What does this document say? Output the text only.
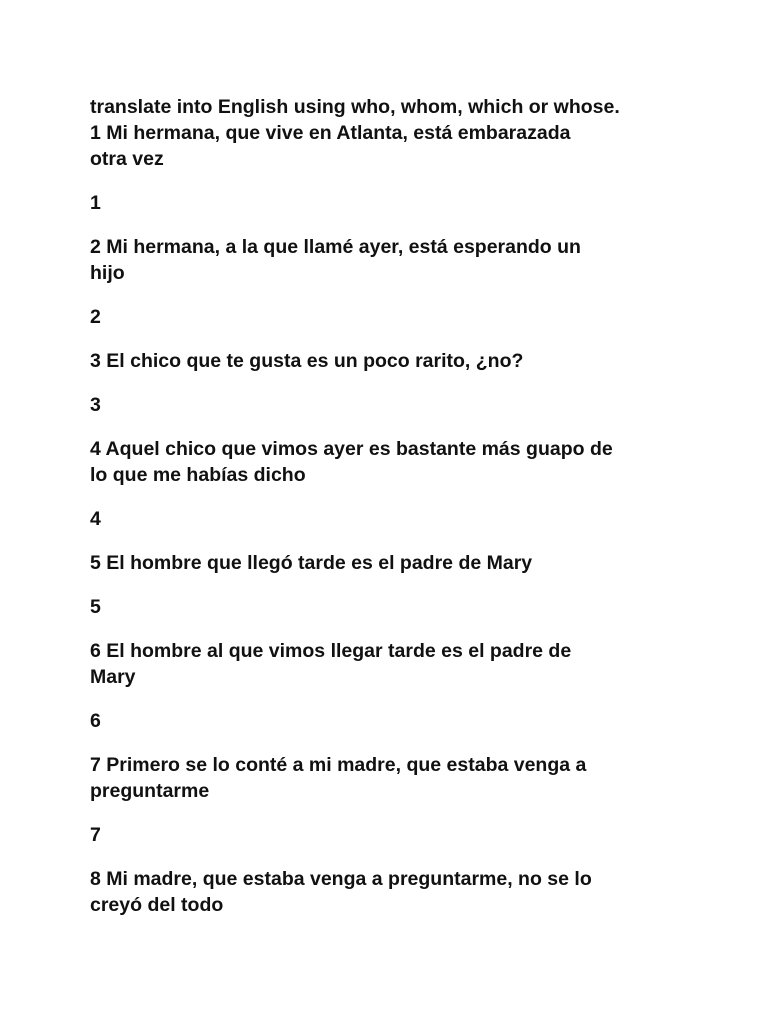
translate into English using who, whom, which or whose.

1 Mi hermana, que vive en Atlanta, está embarazada

otra vez

1

2 Mi hermana, a la que llamé ayer, está esperando un

hijo

2

3 El chico que te gusta es un poco rarito, ¿no?

3

4 Aquel chico que vimos ayer es bastante más guapo de

lo que me habías dicho

4

5 El hombre que llegó tarde es el padre de Mary

5

6 El hombre al que vimos llegar tarde es el padre de

Mary

6

7 Primero se lo conté a mi madre, que estaba venga a

preguntarme

7

8 Mi madre, que estaba venga a preguntarme, no se lo

creyó del todo
